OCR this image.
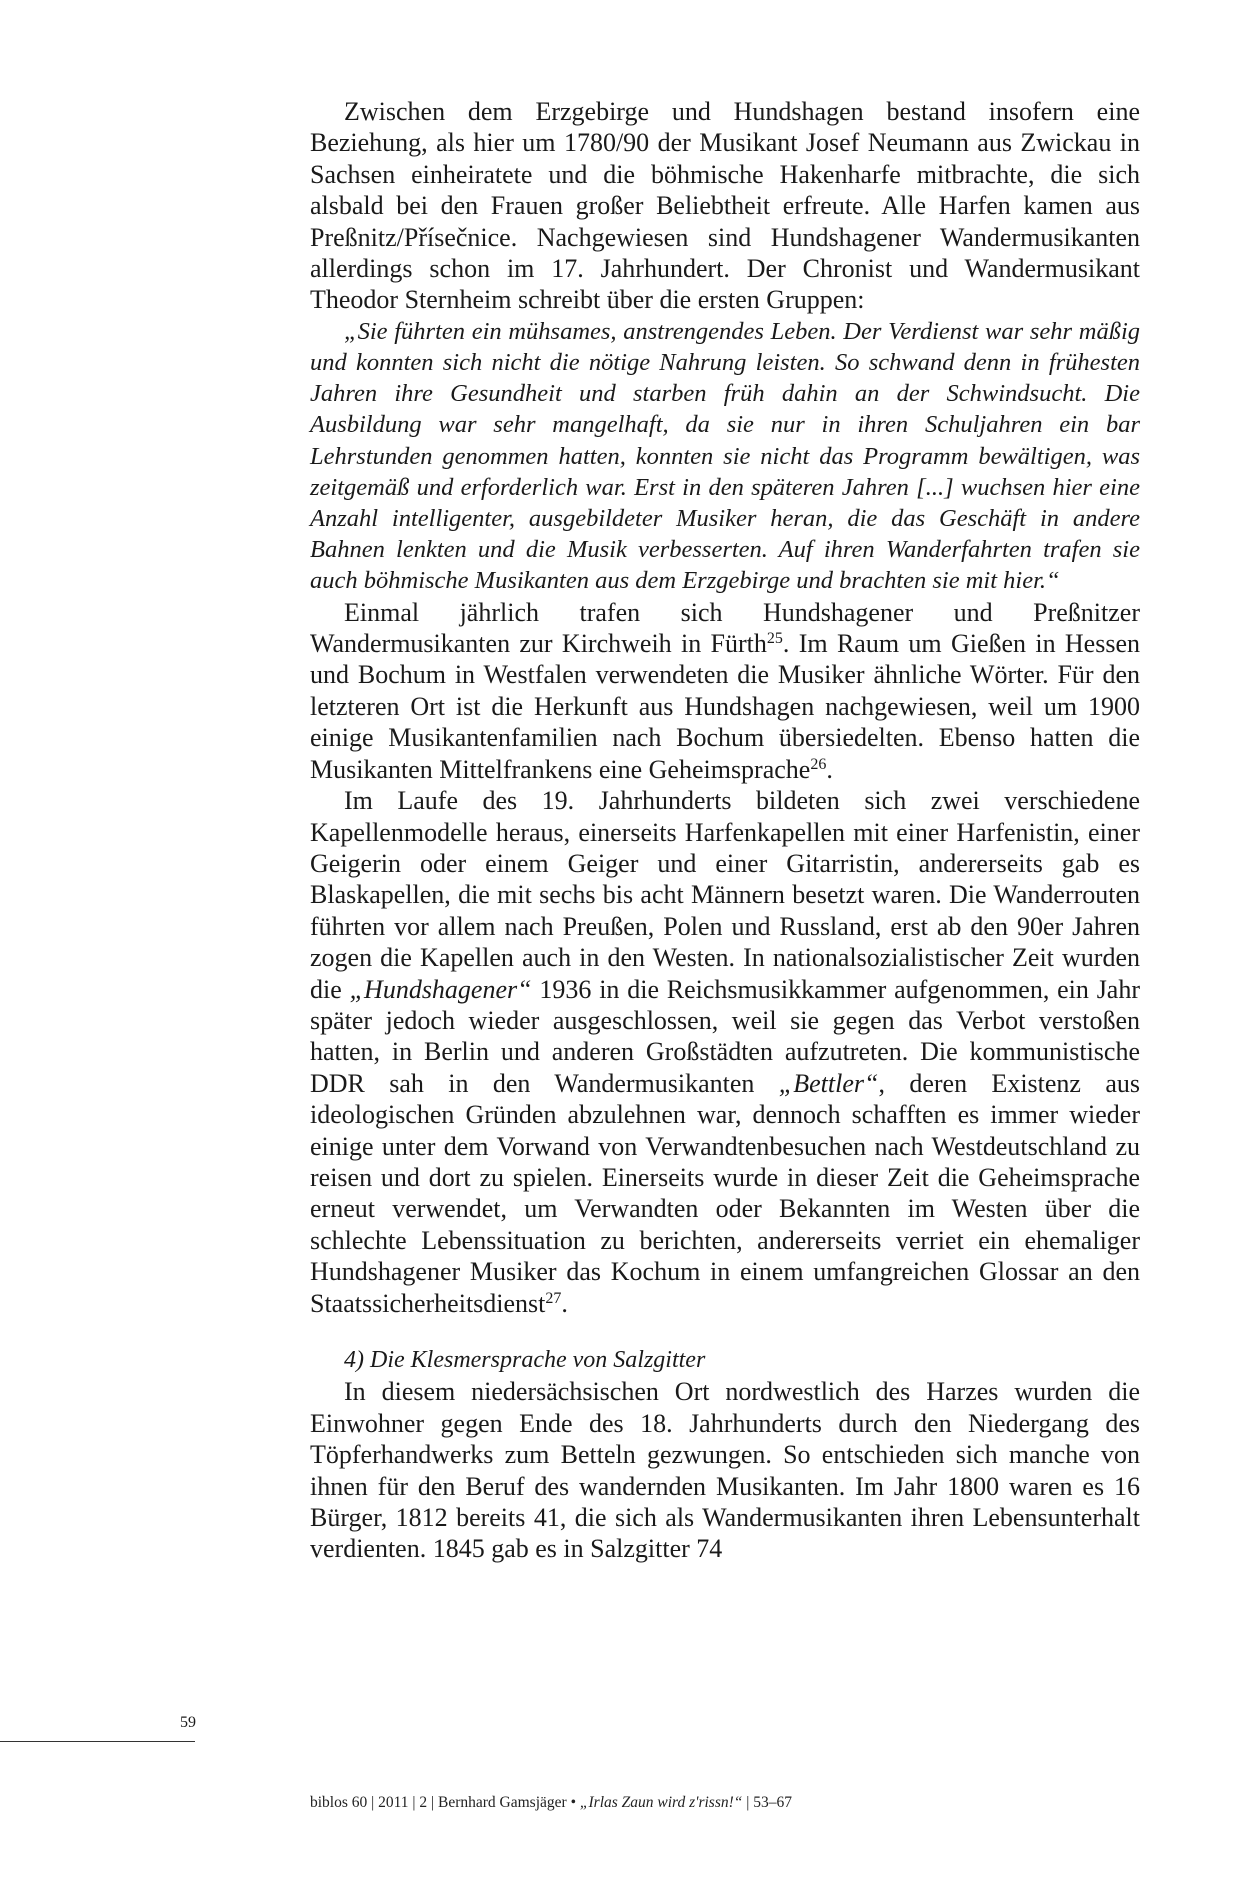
Zwischen dem Erzgebirge und Hundshagen bestand insofern eine Beziehung, als hier um 1780/90 der Musikant Josef Neumann aus Zwickau in Sachsen einheiratete und die böhmische Hakenharfe mitbrachte, die sich alsbald bei den Frauen großer Beliebtheit erfreute. Alle Harfen kamen aus Preßnitz/Přísečnice. Nachgewiesen sind Hundshagener Wandermusikanten allerdings schon im 17. Jahrhundert. Der Chronist und Wandermusikant Theodor Sternheim schreibt über die ersten Gruppen:

„Sie führten ein mühsames, anstrengendes Leben. Der Verdienst war sehr mäßig und konnten sich nicht die nötige Nahrung leisten. So schwand denn in frühesten Jahren ihre Gesundheit und starben früh dahin an der Schwindsucht. Die Ausbildung war sehr mangelhaft, da sie nur in ihren Schuljahren ein bar Lehrstunden genommen hatten, konnten sie nicht das Programm bewältigen, was zeitgemäß und erforderlich war. Erst in den späteren Jahren [...] wuchsen hier eine Anzahl intelligenter, ausgebildeter Musiker heran, die das Geschäft in andere Bahnen lenkten und die Musik verbesserten. Auf ihren Wanderfahrten trafen sie auch böhmische Musikanten aus dem Erzgebirge und brachten sie mit hier.“

Einmal jährlich trafen sich Hundshagener und Preßnitzer Wandermusikanten zur Kirchweih in Fürth$^{25}$. Im Raum um Gießen in Hessen und Bochum in Westfalen verwendeten die Musiker ähnliche Wörter. Für den letzteren Ort ist die Herkunft aus Hundshagen nachgewiesen, weil um 1900 einige Musikantenfamilien nach Bochum übersiedelten. Ebenso hatten die Musikanten Mittelfrankens eine Geheimsprache$^{26}$.

Im Laufe des 19. Jahrhunderts bildeten sich zwei verschiedene Kapellenmodelle heraus, einerseits Harfenkapellen mit einer Harfenistin, einer Geigerin oder einem Geiger und einer Gitarristin, andererseits gab es Blaskapellen, die mit sechs bis acht Männern besetzt waren. Die Wanderrouten führten vor allem nach Preußen, Polen und Russland, erst ab den 90er Jahren zogen die Kapellen auch in den Westen. In nationalsozialistischer Zeit wurden die „Hundshagener“ 1936 in die Reichsmusikkammer aufgenommen, ein Jahr später jedoch wieder ausgeschlossen, weil sie gegen das Verbot verstoßen hatten, in Berlin und anderen Großstädten aufzutreten. Die kommunistische DDR sah in den Wandermusikanten „Bettler“, deren Existenz aus ideologischen Gründen abzulehnen war, dennoch schafften es immer wieder einige unter dem Vorwand von Verwandtenbesuchen nach Westdeutschland zu reisen und dort zu spielen. Einerseits wurde in dieser Zeit die Geheimsprache erneut verwendet, um Verwandten oder Bekannten im Westen über die schlechte Lebenssituation zu berichten, andererseits verriet ein ehemaliger Hundshagener Musiker das Kochum in einem umfangreichen Glossar an den Staatssicherheitsdienst$^{27}$.

4) Die Klesmersprache von Salzgitter

In diesem niedersächsischen Ort nordwestlich des Harzes wurden die Einwohner gegen Ende des 18. Jahrhunderts durch den Niedergang des Töpferhandwerks zum Betteln gezwungen. So entschieden sich manche von ihnen für den Beruf des wandernden Musikanten. Im Jahr 1800 waren es 16 Bürger, 1812 bereits 41, die sich als Wandermusikanten ihren Lebensunterhalt verdienten. 1845 gab es in Salzgitter 74

59
biblos 60 | 2011 | 2 | Bernhard Gamsjäger • „Irlas Zaun wird z'rissn!“ | 53–67
